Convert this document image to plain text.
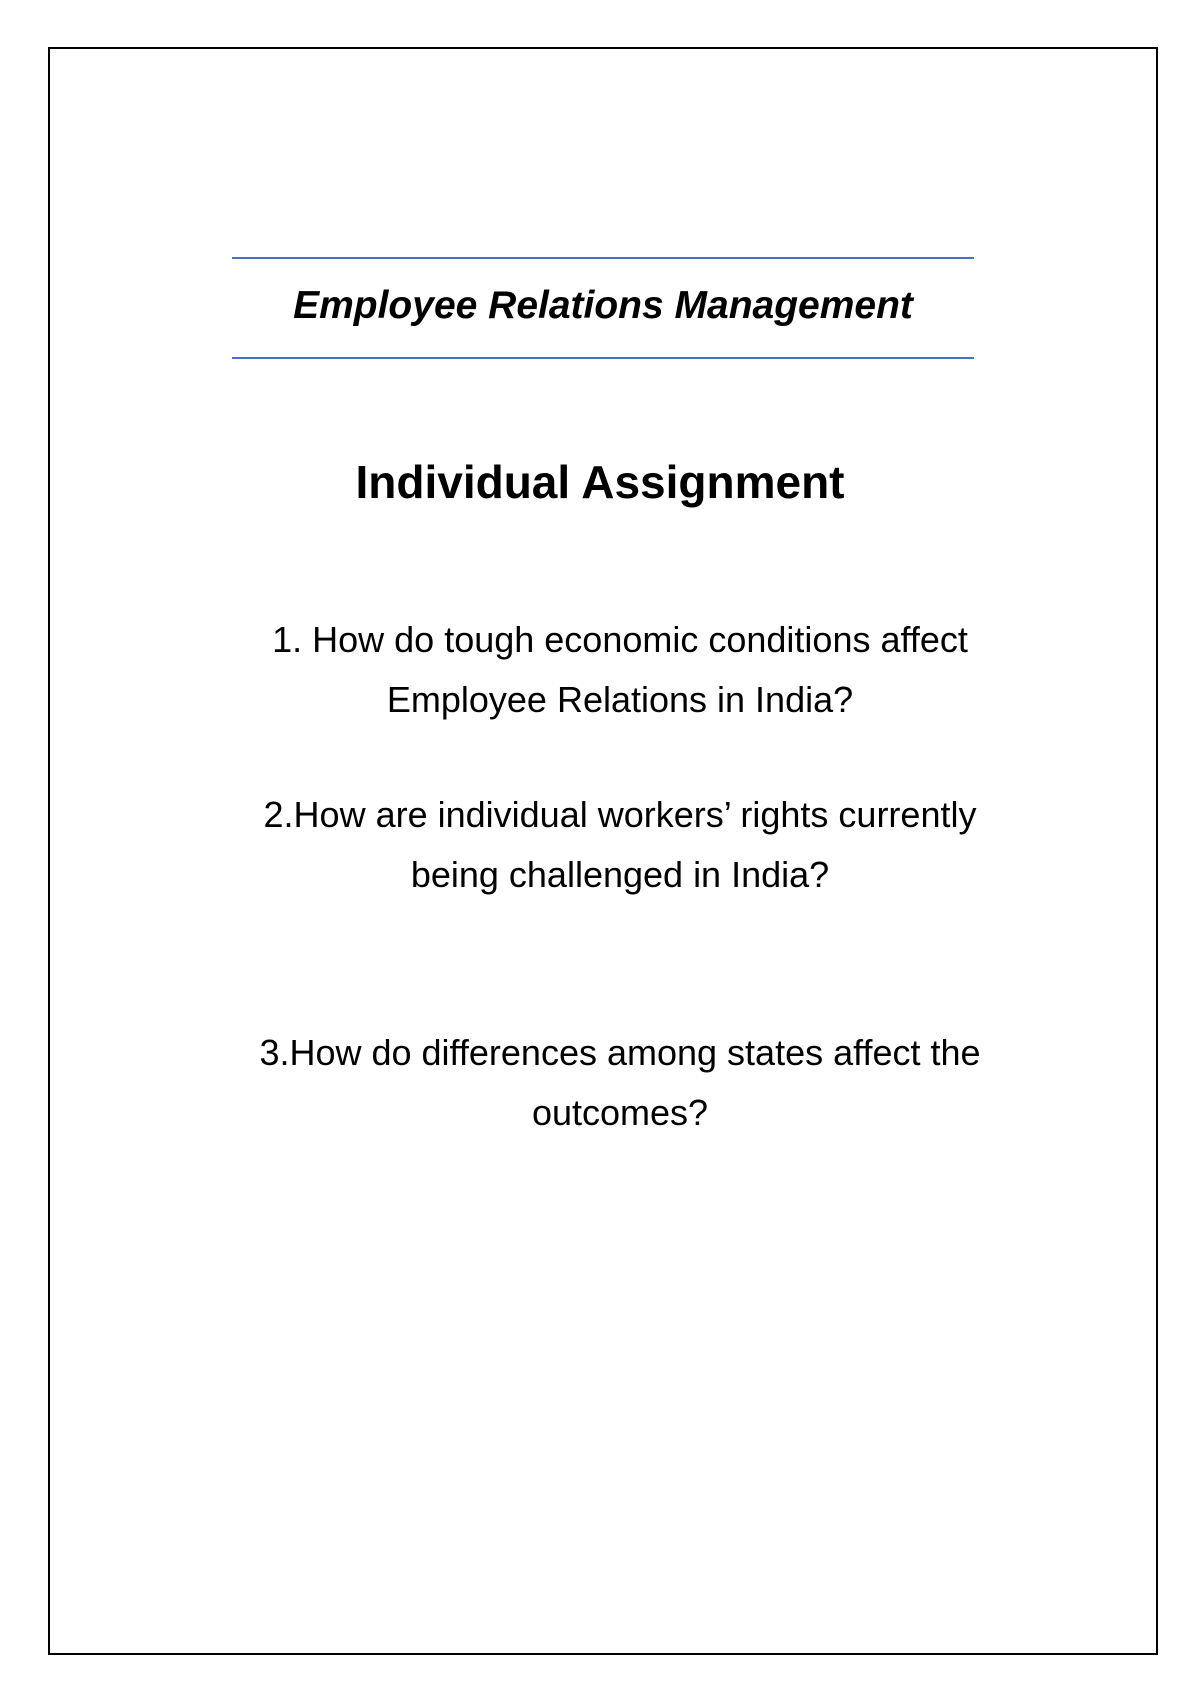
Employee Relations Management
Individual Assignment
1. How do tough economic conditions affect
Employee Relations in India?
2.How are individual workers’ rights currently
being challenged in India?
3.How do differences among states affect the
outcomes?
